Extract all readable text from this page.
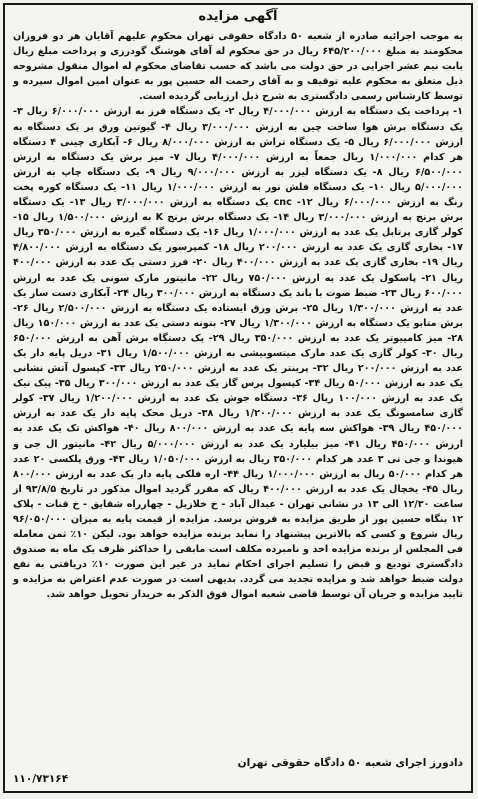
آگهی مزایده

به موجب اجرائیه صادره از شعبه ۵۰ دادگاه حقوقی تهران محکوم علیهم آقایان هر دو فروزان محکومند به مبلغ ۶۴۵/۲۰۰/۰۰۰ ریال در حق محکوم له آقای هوشنگ گودرزی و پرداخت مبلغ ریال بابت نیم عشر اجرایی در حق دولت می باشد که حسب تقاضای محکوم له اموال منقول مشروحه ذیل متعلق به محکوم علیه توقیف و به آقای رحمت اله حسین پور به عنوان امین اموال سپرده و توسط کارشناس رسمی دادگستری به شرح ذیل ارزیابی گردیده است.

۱- پرداخت یک دستگاه به ارزش ۴/۰۰۰/۰۰۰ ریال ۲- یک دستگاه فرز به ارزش ۶/۰۰۰/۰۰۰ ریال ۳- یک دستگاه برش هوا ساخت چین به ارزش ۳/۰۰۰/۰۰۰ ریال ۴- گیوتین ورق بر یک دستگاه به ارزش ۶/۰۰۰/۰۰۰ ریال ۵- یک دستگاه تراش به ارزش ۸/۰۰۰/۰۰۰ ریال ۶- آبکاری چینی ۴ دستگاه هر کدام ۱/۰۰۰/۰۰۰ ریال جمعاً به ارزش ۴/۰۰۰/۰۰۰ ریال ۷- میز برش یک دستگاه به ارزش ۶/۵۰۰/۰۰۰ ریال ۸- یک دستگاه لیزر به ارزش ۹/۰۰۰/۰۰۰ ریال ۹- یک دستگاه چاپ به ارزش ۵/۰۰۰/۰۰۰ ریال ۱۰- یک دستگاه فلش نور به ارزش ۱/۰۰۰/۰۰۰ ریال ۱۱- یک دستگاه کوره پخت رنگ به ارزش ۶/۰۰۰/۰۰۰ ریال ۱۲- cnc یک دستگاه به ارزش ۳/۰۰۰/۰۰۰ ریال ۱۳- یک دستگاه برش برنج به ارزش ۳/۰۰۰/۰۰۰ ریال ۱۴- یک دستگاه برش برنج K به ارزش ۱/۵۰۰/۰۰۰ ریال ۱۵- کولر گازی پرتابل یک عدد به ارزش ۱/۰۰۰/۰۰۰ ریال ۱۶- یک دستگاه گیره به ارزش ۳۵۰/۰۰۰ ریال ۱۷- بخاری گازی یک عدد به ارزش ۲۰۰/۰۰۰ ریال ۱۸- کمپرسور یک دستگاه به ارزش ۴/۸۰۰/۰۰۰ ریال ۱۹- بخاری گازی یک عدد به ارزش ۴۰۰/۰۰۰ ریال ۲۰- فرز دستی یک عدد به ارزش ۴۰۰/۰۰۰ ریال ۲۱- پاسکول یک عدد به ارزش ۷۵۰/۰۰۰ ریال ۲۲- مانیتور مارک سونی یک عدد به ارزش ۶۰۰/۰۰۰ ریال ۲۳- ضبط صوت با باند یک دستگاه به ارزش ۳۰۰/۰۰۰ ریال ۲۴- آبکاری دست ساز یک عدد به ارزش ۱/۳۰۰/۰۰۰ ریال ۲۵- برش ورق ایستاده یک دستگاه به ارزش ۲/۵۰۰/۰۰۰ ریال ۲۶- برش متابو یک دستگاه به ارزش ۱/۳۰۰/۰۰۰ ریال ۲۷- بتونه دستی یک عدد به ارزش ۱۵۰/۰۰۰ ریال ۲۸- میز کامپیوتر یک عدد به ارزش ۳۵۰/۰۰۰ ریال ۲۹- یک دستگاه برش آهن به ارزش ۶۵۰/۰۰۰ ریال ۳۰- کولر گازی یک عدد مارک میتسوبیشی به ارزش ۱/۵۰۰/۰۰۰ ریال ۳۱- دریل پایه دار یک عدد به ارزش ۲۰۰/۰۰۰ ریال ۳۲- پرینتر یک عدد به ارزش ۲۵۰/۰۰۰ ریال ۳۳- کپسول آتش نشانی یک عدد به ارزش ۵۰/۰۰۰ ریال ۳۴- کپسول پرس گاز یک عدد به ارزش ۳۰۰/۰۰۰ ریال ۳۵- پیک نیک یک عدد به ارزش ۱۰۰/۰۰۰ ریال ۳۶- دستگاه جوش یک عدد به ارزش ۱/۲۰۰/۰۰۰ ریال ۳۷- کولر گازی سامسونگ یک عدد به ارزش ۱/۲۰۰/۰۰۰ ریال ۳۸- دریل محک پایه دار یک عدد به ارزش ۴۵۰/۰۰۰ ریال ۳۹- هواکش سه پایه یک عدد به ارزش ۸۰۰/۰۰۰ ریال ۴۰- هواکش تک یک عدد به ارزش ۴۵۰/۰۰۰ ریال ۴۱- میز بیلیارد یک عدد به ارزش ۵/۰۰۰/۰۰۰ ریال ۴۲- مانیتور ال جی و هیوندا و جی تی ۳ عدد هر کدام ۳۵۰/۰۰۰ ریال به ارزش ۱/۰۵۰/۰۰۰ ریال ۴۳- ورق پلکسی ۲۰ عدد هر کدام ۵۰/۰۰۰ ریال به ارزش ۱/۰۰۰/۰۰۰ ریال ۴۴- اره فلکی پایه دار یک عدد به ارزش ۸۰۰/۰۰۰ ریال ۴۵- یخچال یک عدد به ارزش ۴۰۰/۰۰۰ ریال که مقرر گردید اموال مذکور در تاریخ ۹۳/۸/۵ از ساعت ۱۲/۳۰ الی ۱۳ در نشانی تهران - عبدال آباد - خ خلازیل - چهارراه شقایق - خ قنات - پلاک ۱۲ بنگاه حسین پور از طریق مزایده به فروش برسد. مزایده از قیمت پایه به میزان ۹۶/۰۵۰/۰۰۰ ریال شروع و کسی که بالاترین پیشنهاد را نماید برنده مزایده خواهد بود. لیکن ۱۰٪ ثمن معامله فی المجلس از برنده مزایده اخذ و نامبرده مکلف است مابقی را حداکثر ظرف یک ماه به صندوق دادگستری تودیع و قبض را تسلیم اجرای احکام نماید در غیر این صورت ۱۰٪ دریافتی به نفع دولت ضبط خواهد شد و مزایده تجدید می گردد. بدیهی است در صورت عدم اعتراض به مزایده و تایید مزایده و جریان آن توسط قاضی شعبه اموال فوق الذکر به خریدار تحویل خواهد شد.

دادورز اجرای شعبه ۵۰ دادگاه حقوقی تهران
۱۱۰/۷۳۱۶۴
